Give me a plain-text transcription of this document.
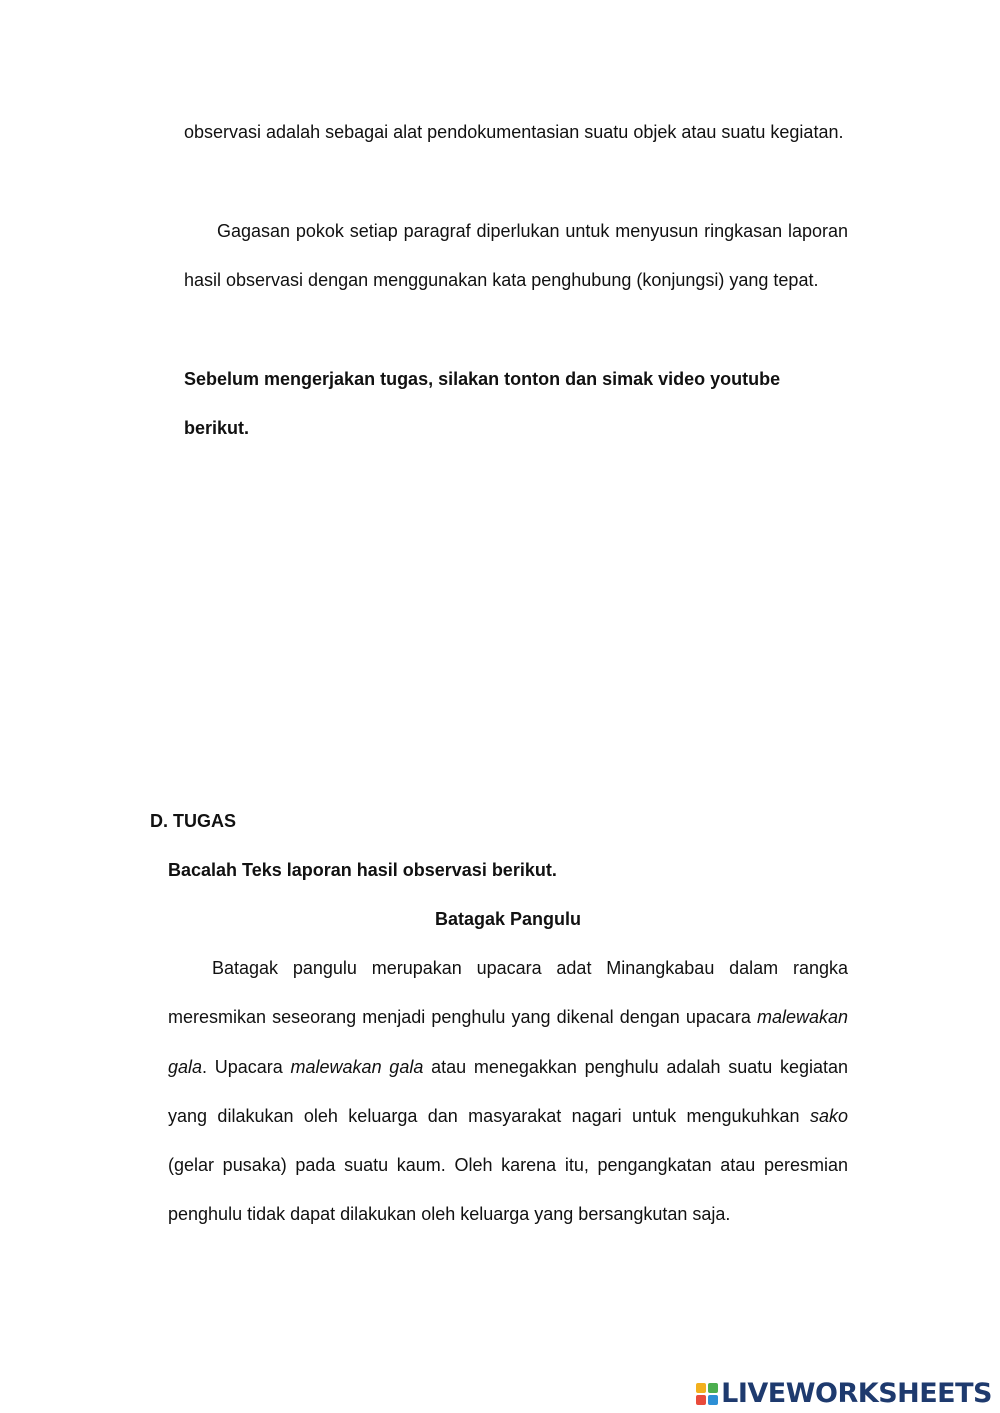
observasi adalah sebagai alat pendokumentasian suatu objek atau suatu kegiatan.

Gagasan pokok setiap paragraf diperlukan untuk menyusun ringkasan laporan hasil observasi dengan menggunakan kata penghubung (konjungsi) yang tepat.

Sebelum mengerjakan tugas, silakan tonton dan simak video youtube berikut.

D. TUGAS

Bacalah Teks laporan hasil observasi berikut.

Batagak Pangulu

Batagak pangulu merupakan upacara adat Minangkabau dalam rangka meresmikan seseorang menjadi penghulu yang dikenal dengan upacara malewakan gala. Upacara malewakan gala atau menegakkan penghulu adalah suatu kegiatan yang dilakukan oleh keluarga dan masyarakat nagari untuk mengukuhkan sako (gelar pusaka) pada suatu kaum. Oleh karena itu, pengangkatan atau peresmian penghulu tidak dapat dilakukan oleh keluarga yang bersangkutan saja.

LIVEWORKSHEETS
